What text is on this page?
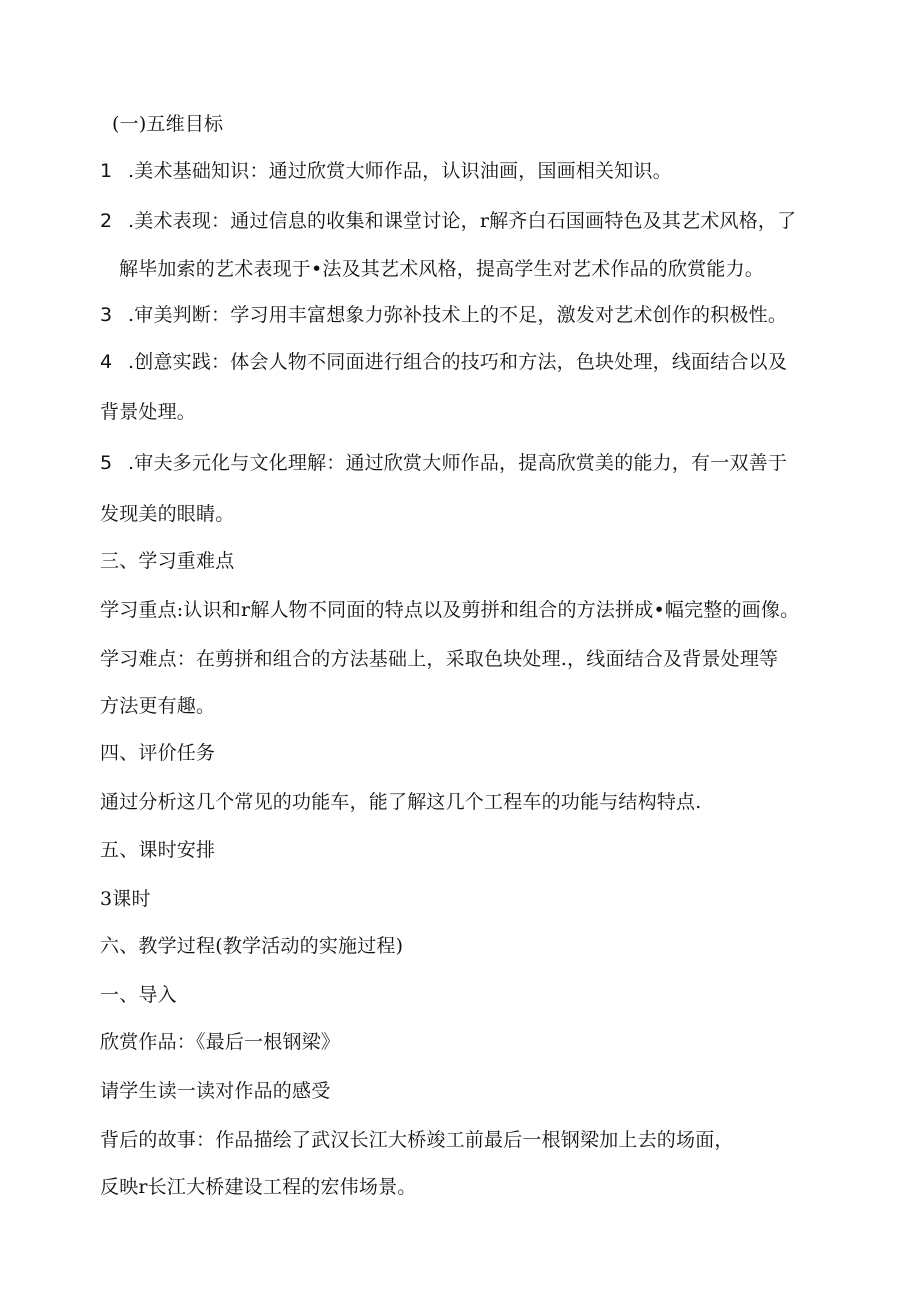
(一)五维目标
1 .美术基础知识：通过欣赏大师作品，认识油画，国画相关知识。
2 .美术表现：通过信息的收集和课堂讨论，r解齐白石国画特色及其艺术风格，了
解毕加索的艺术表现于•法及其艺术风格，提高学生对艺术作品的欣赏能力。
3 .审美判断：学习用丰富想象力弥补技术上的不足，激发对艺术创作的积极性。
4 .创意实践：体会人物不同面进行组合的技巧和方法，色块处理，线面结合以及
背景处理。
5 .审夫多元化与文化理解：通过欣赏大师作品，提高欣赏美的能力，有一双善于
发现美的眼睛。
三、学习重难点
学习重点:认识和r解人物不同面的特点以及剪拼和组合的方法拼成•幅完整的画像。
学习难点：在剪拼和组合的方法基础上，采取色块处理.，线面结合及背景处理等
方法更有趣。
四、评价任务
通过分析这几个常见的功能车，能了解这几个工程车的功能与结构特点.
五、课时安排
3课时
六、教学过程(教学活动的实施过程)
一、导入
欣赏作品：《最后一根钢梁》
请学生读一读对作品的感受
背后的故事：作品描绘了武汉长江大桥竣工前最后一根钢梁加上去的场面，
反映r长江大桥建设工程的宏伟场景。
